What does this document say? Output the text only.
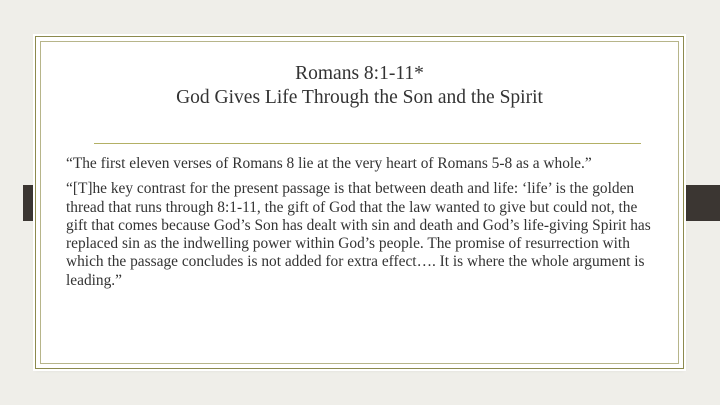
Romans 8:1-11*
God Gives Life Through the Son and the Spirit

“The first eleven verses of Romans 8 lie at the very heart of Romans 5-8 as a whole.”

“[T]he key contrast for the present passage is that between death and life: ‘life’ is the golden thread that runs through 8:1-11, the gift of God that the law wanted to give but could not, the gift that comes because God’s Son has dealt with sin and death and God’s life-giving Spirit has replaced sin as the indwelling power within God’s people. The promise of resurrection with which the passage concludes is not added for extra effect…. It is where the whole argument is leading.”
